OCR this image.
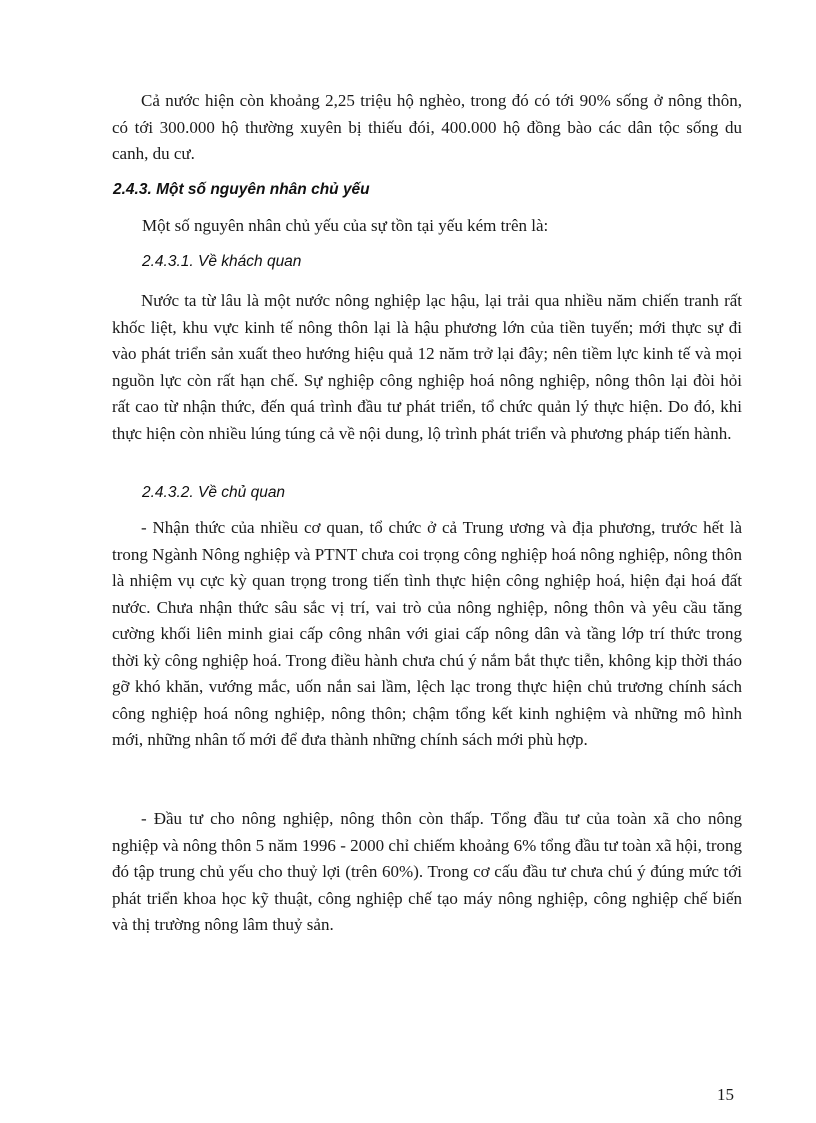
Cả nước hiện còn khoảng 2,25 triệu hộ nghèo, trong đó có tới 90% sống ở nông thôn, có tới 300.000 hộ thường xuyên bị thiếu đói, 400.000 hộ đồng bào các dân tộc sống du canh, du cư.

2.4.3. Một số nguyên nhân chủ yếu

Một số nguyên nhân chủ yếu của sự tồn tại yếu kém trên là:

2.4.3.1. Về khách quan

Nước ta từ lâu là một nước nông nghiệp lạc hậu, lại trải qua nhiều năm chiến tranh rất khốc liệt, khu vực kinh tế nông thôn lại là hậu phương lớn của tiền tuyến; mới thực sự đi vào phát triển sản xuất theo hướng hiệu quả 12 năm trở lại đây; nên tiềm lực kinh tế và mọi nguồn lực còn rất hạn chế. Sự nghiệp công nghiệp hoá nông nghiệp, nông thôn lại đòi hỏi rất cao từ nhận thức, đến quá trình đầu tư phát triển, tổ chức quản lý thực hiện. Do đó, khi thực hiện còn nhiều lúng túng cả về nội dung, lộ trình phát triển và phương pháp tiến hành.

2.4.3.2. Về chủ quan

- Nhận thức của nhiều cơ quan, tổ chức ở cả Trung ương và địa phương, trước hết là trong Ngành Nông nghiệp và PTNT chưa coi trọng công nghiệp hoá nông nghiệp, nông thôn là nhiệm vụ cực kỳ quan trọng trong tiến tình thực hiện công nghiệp hoá, hiện đại hoá đất nước. Chưa nhận thức sâu sắc vị trí, vai trò của nông nghiệp, nông thôn và yêu cầu tăng cường khối liên minh giai cấp công nhân với giai cấp nông dân và tầng lớp trí thức trong thời kỳ công nghiệp hoá. Trong điều hành chưa chú ý nắm bắt thực tiễn, không kịp thời tháo gỡ khó khăn, vướng mắc, uốn nắn sai lầm, lệch lạc trong thực hiện chủ trương chính sách công nghiệp hoá nông nghiệp, nông thôn; chậm tổng kết kinh nghiệm và những mô hình mới, những nhân tố mới để đưa thành những chính sách mới phù hợp.

- Đầu tư cho nông nghiệp, nông thôn còn thấp. Tổng đầu tư của toàn xã cho nông nghiệp và nông thôn 5 năm 1996 - 2000 chỉ chiếm khoảng 6% tổng đầu tư toàn xã hội, trong đó tập trung chủ yếu cho thuỷ lợi (trên 60%). Trong cơ cấu đầu tư chưa chú ý đúng mức tới phát triển khoa học kỹ thuật, công nghiệp chế tạo máy nông nghiệp, công nghiệp chế biến và thị trường nông lâm thuỷ sản.

15
